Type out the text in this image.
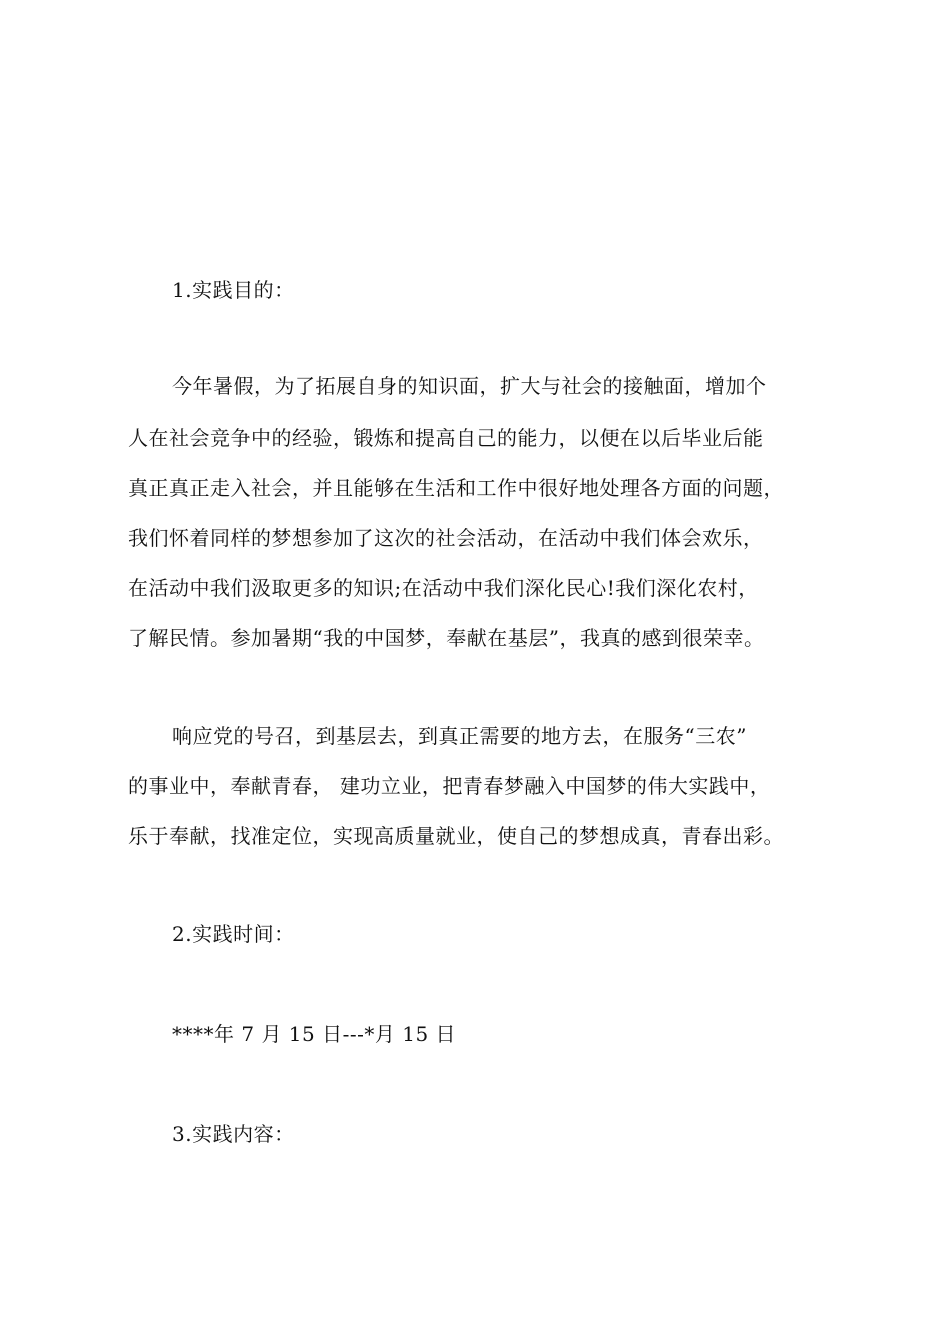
1.实践目的：
今年暑假，为了拓展自身的知识面，扩大与社会的接触面，增加个
人在社会竞争中的经验，锻炼和提高自己的能力，以便在以后毕业后能
真正真正走入社会，并且能够在生活和工作中很好地处理各方面的问题，
我们怀着同样的梦想参加了这次的社会活动，在活动中我们体会欢乐，
在活动中我们汲取更多的知识;在活动中我们深化民心!我们深化农村，
了解民情。参加暑期“我的中国梦，奉献在基层”，我真的感到很荣幸。
响应党的号召，到基层去，到真正需要的地方去，在服务“三农”
的事业中，奉献青春， 建功立业，把青春梦融入中国梦的伟大实践中，
乐于奉献，找准定位，实现高质量就业，使自己的梦想成真，青春出彩。
2.实践时间：
****年 7 月 15 日---*月 15 日
3.实践内容：
